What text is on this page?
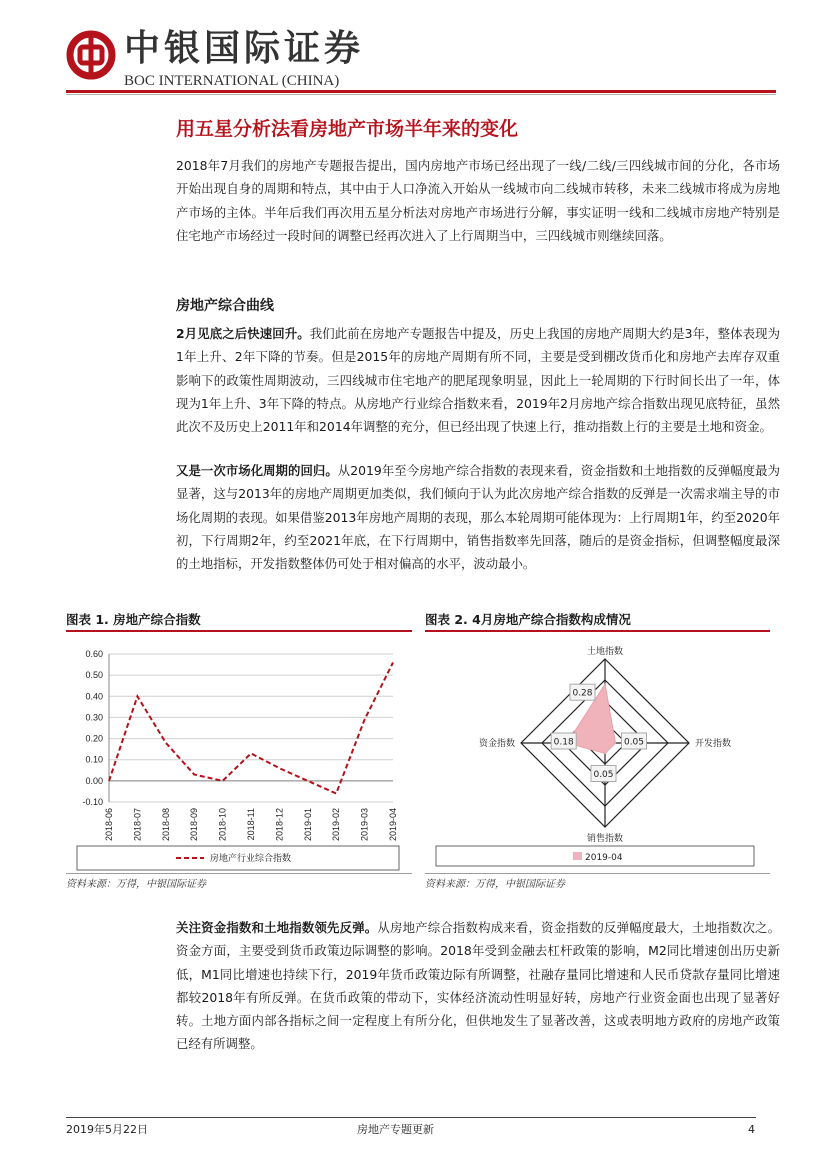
中银国际证券
BOC INTERNATIONAL (CHINA)
用五星分析法看房地产市场半年来的变化
2018年7月我们的房地产专题报告提出，国内房地产市场已经出现了一线/二线/三四线城市间的分化，各市场开始出现自身的周期和特点，其中由于人口净流入开始从一线城市向二线城市转移，未来二线城市将成为房地产市场的主体。半年后我们再次用五星分析法对房地产市场进行分解，事实证明一线和二线城市房地产特别是住宅地产市场经过一段时间的调整已经再次进入了上行周期当中，三四线城市则继续回落。
房地产综合曲线
2月见底之后快速回升。我们此前在房地产专题报告中提及，历史上我国的房地产周期大约是3年，整体表现为1年上升、2年下降的节奏。但是2015年的房地产周期有所不同，主要是受到棚改货币化和房地产去库存双重影响下的政策性周期波动，三四线城市住宅地产的肥尾现象明显，因此上一轮周期的下行时间长出了一年，体现为1年上升、3年下降的特点。从房地产行业综合指数来看，2019年2月房地产综合指数出现见底特征，虽然此次不及历史上2011年和2014年调整的充分，但已经出现了快速上行，推动指数上行的主要是土地和资金。
又是一次市场化周期的回归。从2019年至今房地产综合指数的表现来看，资金指数和土地指数的反弹幅度最为显著，这与2013年的房地产周期更加类似，我们倾向于认为此次房地产综合指数的反弹是一次需求端主导的市场化周期的表现。如果借鉴2013年房地产周期的表现，那么本轮周期可能体现为：上行周期1年，约至2020年初，下行周期2年，约至2021年底，在下行周期中，销售指数率先回落，随后的是资金指标，但调整幅度最深的土地指标，开发指数整体仍可处于相对偏高的水平，波动最小。
图表 1. 房地产综合指数
0.60
0.50
0.40
0.30
0.20
0.10
0.00
-0.10
2018-06 2018-07 2018-08 2018-09 2018-10 2018-11 2018-12 2019-01 2019-02 2019-03 2019-04
房地产行业综合指数
资料来源：万得，中银国际证券
图表 2. 4月房地产综合指数构成情况
0.28
0.05
0.05
0.18
土地指数
开发指数
销售指数
资金指数
2019-04
资料来源：万得，中银国际证券
关注资金指数和土地指数领先反弹。从房地产综合指数构成来看，资金指数的反弹幅度最大，土地指数次之。资金方面，主要受到货币政策边际调整的影响。2018年受到金融去杠杆政策的影响，M2同比增速创出历史新低，M1同比增速也持续下行，2019年货币政策边际有所调整，社融存量同比增速和人民币贷款存量同比增速都较2018年有所反弹。在货币政策的带动下，实体经济流动性明显好转，房地产行业资金面也出现了显著好转。土地方面内部各指标之间一定程度上有所分化，但供地发生了显著改善，这或表明地方政府的房地产政策已经有所调整。
2019年5月22日	房地产专题更新	4
